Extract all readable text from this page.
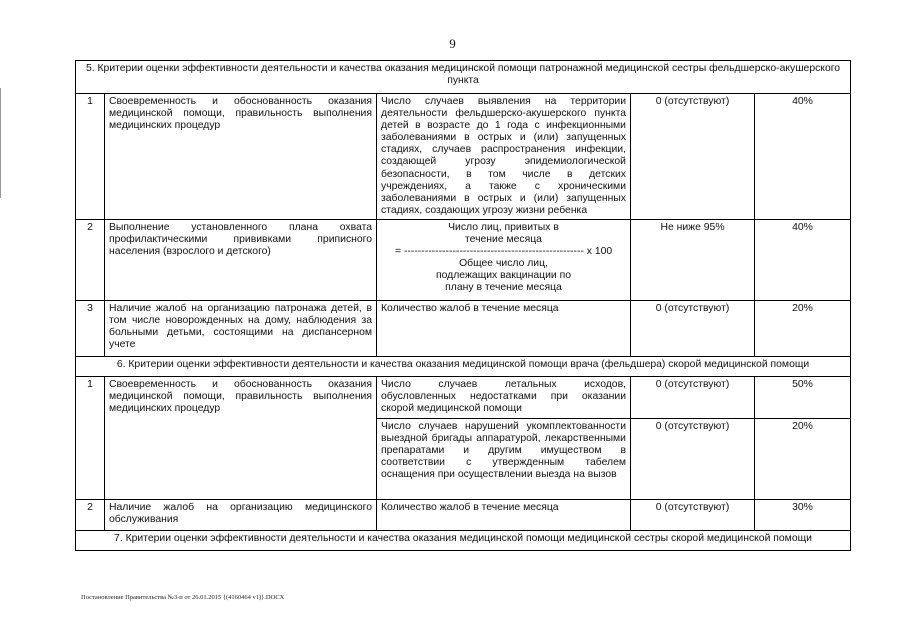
9
5. Критерии оценки эффективности деятельности и качества оказания медицинской помощи патронажной медицинской сестры фельдшерско-акушерского пункта				
1	Своевременность и обоснованность оказания медицинской помощи, правильность выполнения медицинских процедур	Число случаев выявления на территории деятельности фельдшерско-акушерского пункта детей в возрасте до 1 года с инфекционными заболеваниями в острых и (или) запущенных стадиях, случаев распространения инфекции, создающей угрозу эпидемиологической безопасности, в том числе в детских учреждениях, а также с хроническими заболеваниями в острых и (или) запущенных стадиях, создающих угрозу жизни ребенка	0 (отсутствуют)	40%
2	Выполнение установленного плана охвата профилактическими прививками приписного населения (взрослого и детского)	Число лиц, привитых в течение месяца
= ---------------------------------------------------- х 100
Общее число лиц, подлежащих вакцинации по плану в течение месяца	Не ниже 95%	40%
3	Наличие жалоб на организацию патронажа детей, в том числе новорожденных на дому, наблюдения за больными детьми, состоящими на диспансерном учете	Количество жалоб в течение месяца	0 (отсутствуют)	20%
6. Критерии оценки эффективности деятельности и качества оказания медицинской помощи врача (фельдшера) скорой медицинской помощи				
1	Своевременность и обоснованность оказания медицинской помощи, правильность выполнения медицинских процедур	Число случаев летальных исходов, обусловленных недостатками при оказании скорой медицинской помощи	0 (отсутствуют)	50%
		Число случаев нарушений укомплектованности выездной бригады аппаратурой, лекарственными препаратами и другим имуществом в соответствии с утвержденным табелем оснащения при осуществлении выезда на вызов	0 (отсутствуют)	20%
2	Наличие жалоб на организацию медицинского обслуживания	Количество жалоб в течение месяца	0 (отсутствуют)	30%
7. Критерии оценки эффективности деятельности и качества оказания медицинской помощи медицинской сестры скорой медицинской помощи				
Постановление Правительства №3-п от 26.01.2015 {(4160464 v1)}.DOCX
